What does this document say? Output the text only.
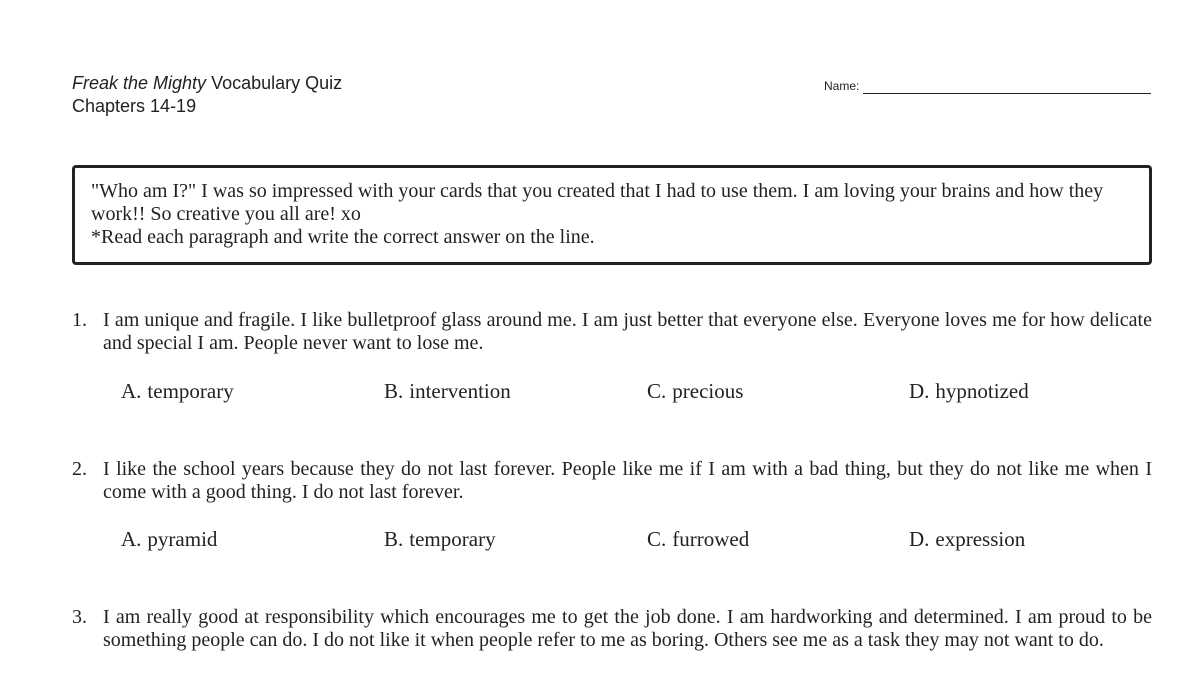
Freak the Mighty Vocabulary Quiz
Chapters 14-19
Name:

"Who am I?" I was so impressed with your cards that you created that I had to use them. I am loving your brains and how they work!! So creative you all are! xo

*Read each paragraph and write the correct answer on the line.

1. I am unique and fragile. I like bulletproof glass around me. I am just better that everyone else. Everyone loves me for how delicate and special I am. People never want to lose me.
A. temporary	B. intervention	C. precious	D. hypnotized
2. I like the school years because they do not last forever. People like me if I am with a bad thing, but they do not like me when I come with a good thing. I do not last forever.
A. pyramid	B. temporary	C. furrowed	D. expression
3. I am really good at responsibility which encourages me to get the job done. I am hardworking and determined. I am proud to be something people can do. I do not like it when people refer to me as boring. Others see me as a task they may not want to do.
